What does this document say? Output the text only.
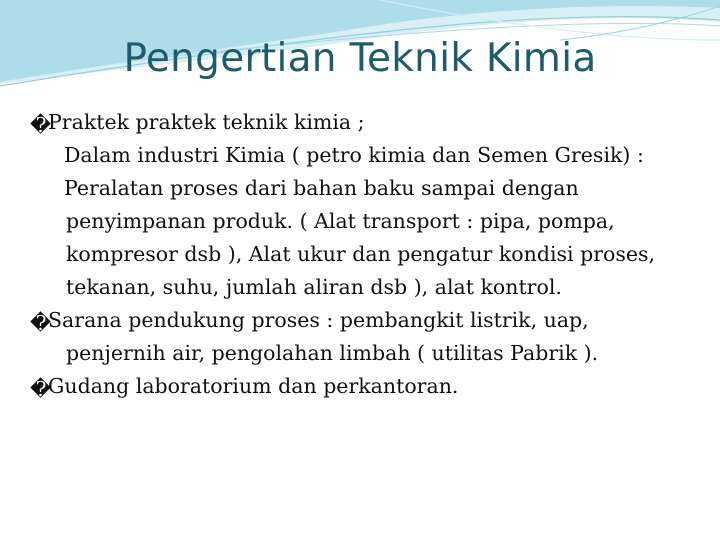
Pengertian Teknik Kimia
�Praktek praktek teknik kimia ;
Dalam industri Kimia ( petro kimia dan Semen Gresik) :
Peralatan proses dari bahan baku sampai dengan penyimpanan produk. ( Alat transport : pipa, pompa, kompresor dsb ), Alat ukur dan pengatur kondisi proses, tekanan, suhu, jumlah aliran dsb ), alat kontrol.
�Sarana pendukung proses : pembangkit listrik, uap, penjernih air, pengolahan limbah ( utilitas Pabrik ).
�Gudang laboratorium dan perkantoran.
